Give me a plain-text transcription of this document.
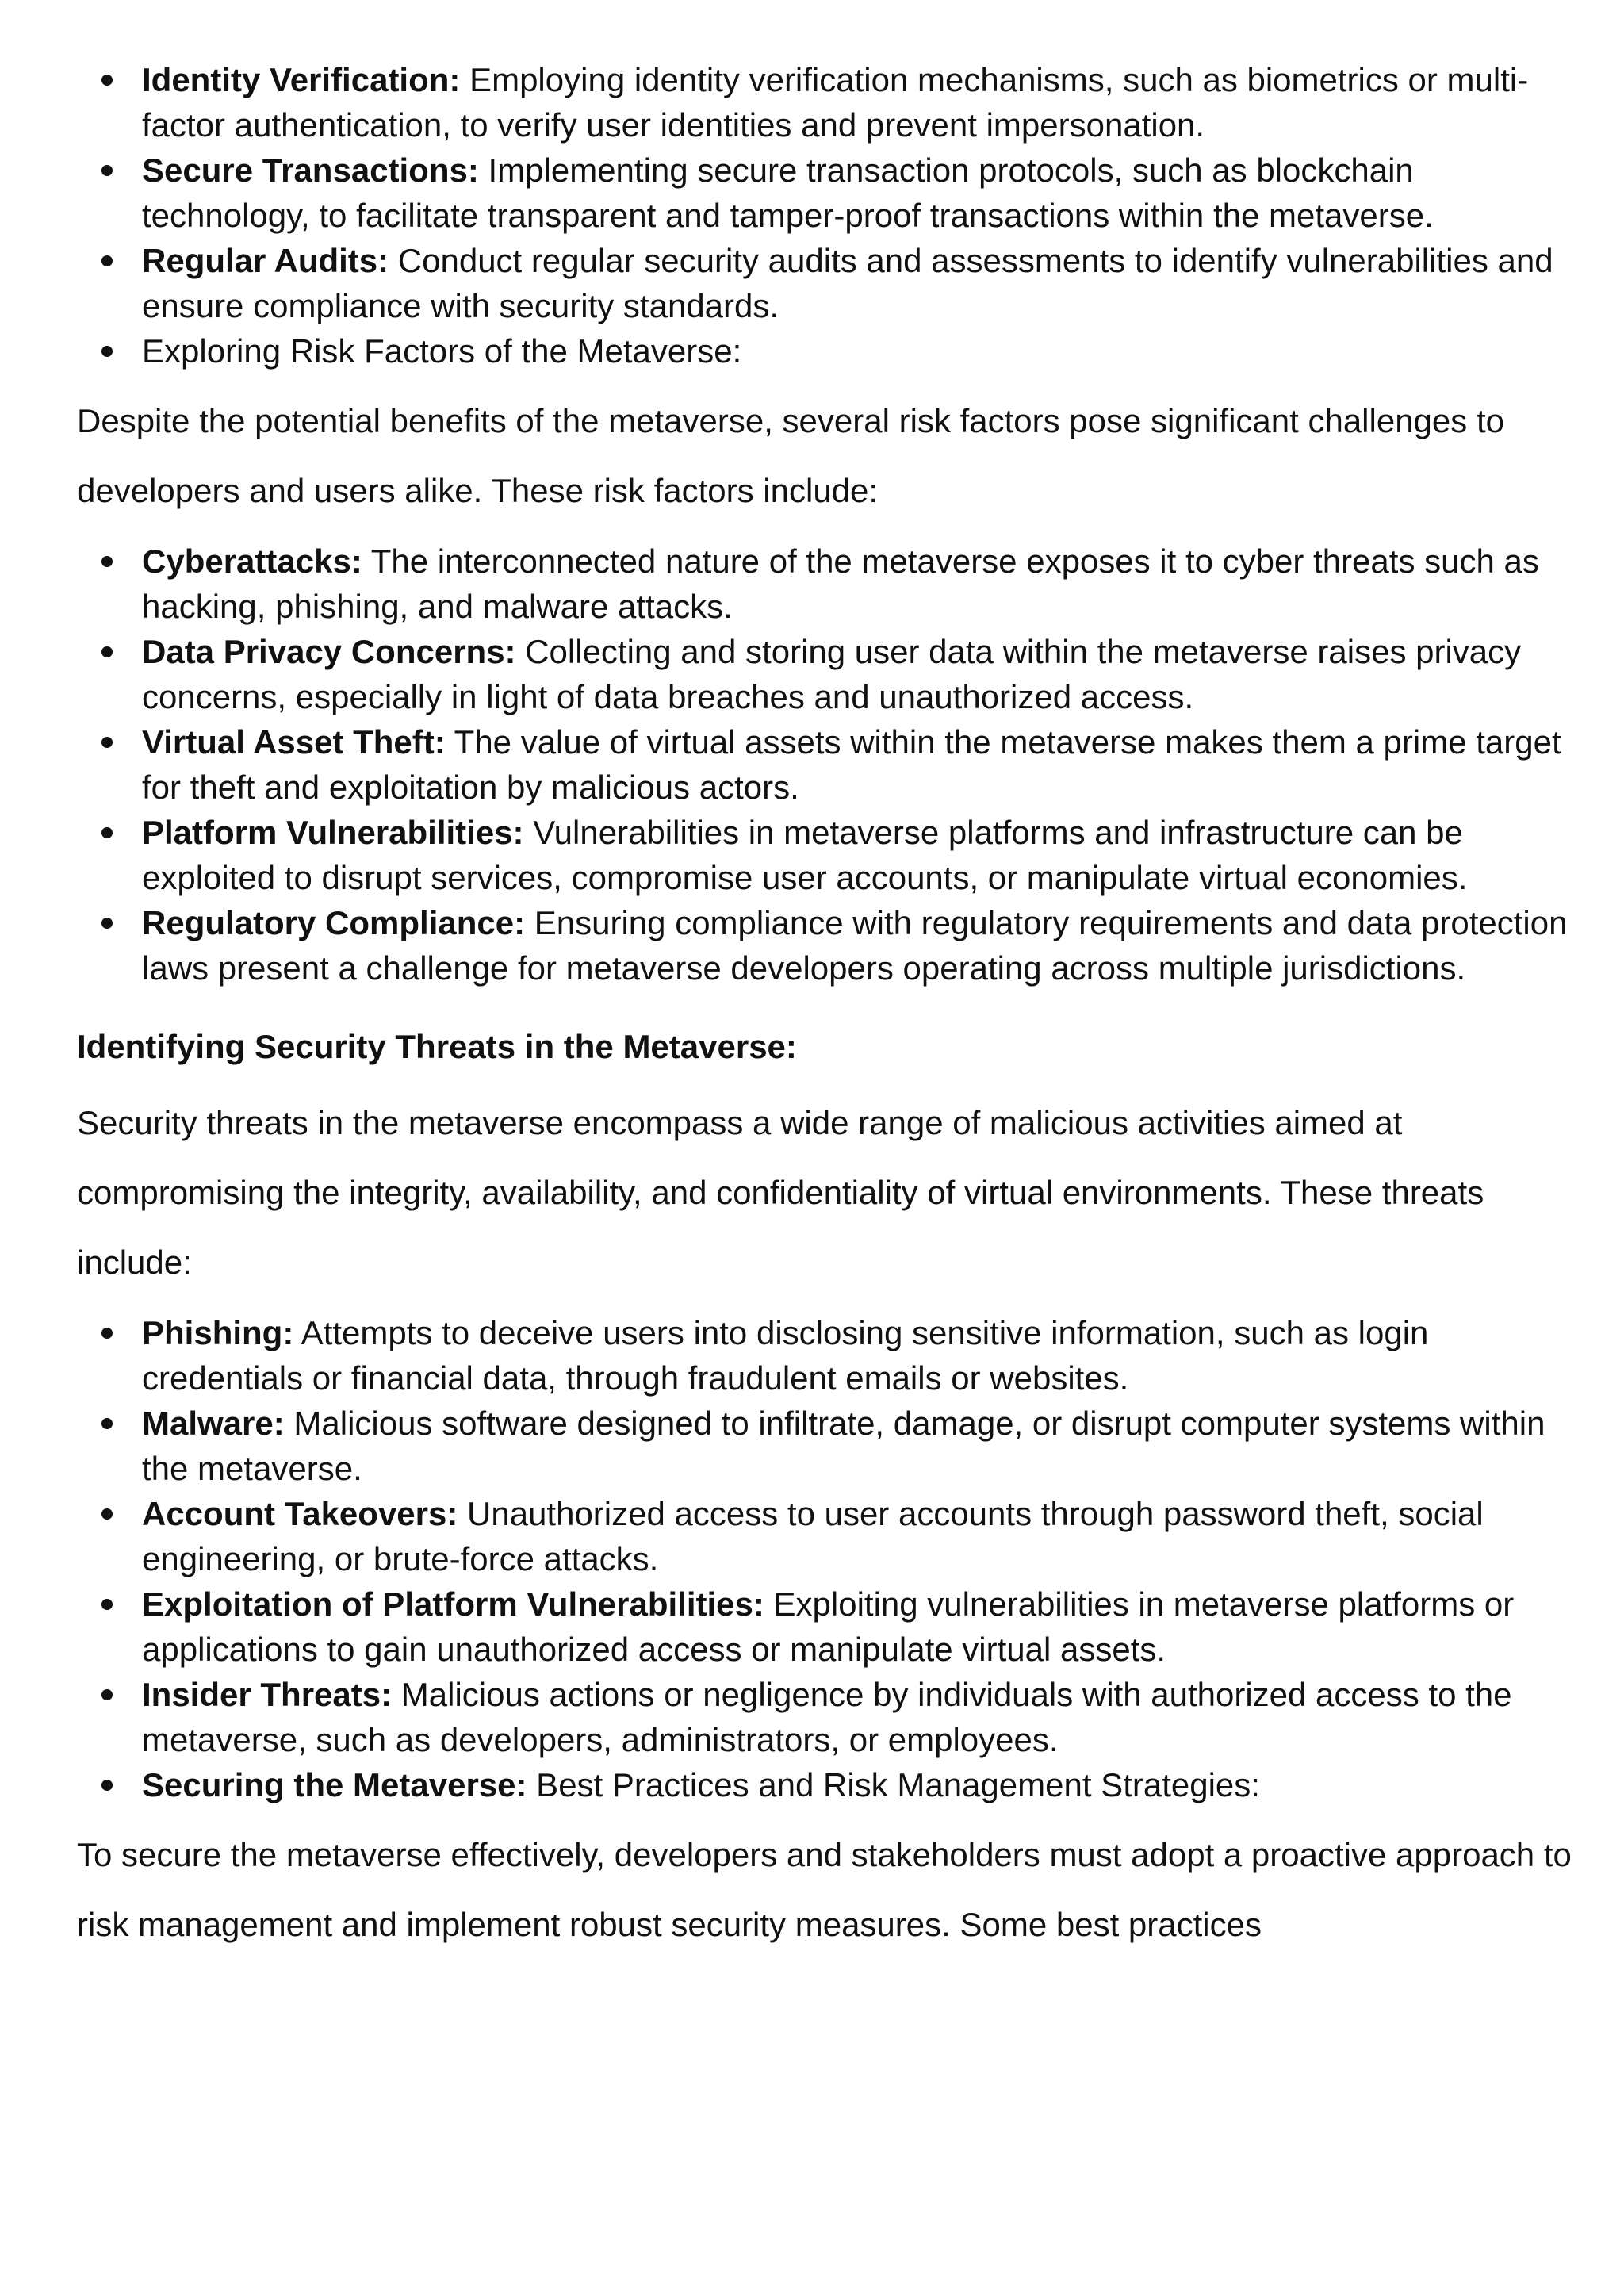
Identity Verification: Employing identity verification mechanisms, such as biometrics or multi-factor authentication, to verify user identities and prevent impersonation.
Secure Transactions: Implementing secure transaction protocols, such as blockchain technology, to facilitate transparent and tamper-proof transactions within the metaverse.
Regular Audits: Conduct regular security audits and assessments to identify vulnerabilities and ensure compliance with security standards.
Exploring Risk Factors of the Metaverse:

Despite the potential benefits of the metaverse, several risk factors pose significant challenges to developers and users alike. These risk factors include:

Cyberattacks: The interconnected nature of the metaverse exposes it to cyber threats such as hacking, phishing, and malware attacks.
Data Privacy Concerns: Collecting and storing user data within the metaverse raises privacy concerns, especially in light of data breaches and unauthorized access.
Virtual Asset Theft: The value of virtual assets within the metaverse makes them a prime target for theft and exploitation by malicious actors.
Platform Vulnerabilities: Vulnerabilities in metaverse platforms and infrastructure can be exploited to disrupt services, compromise user accounts, or manipulate virtual economies.
Regulatory Compliance: Ensuring compliance with regulatory requirements and data protection laws present a challenge for metaverse developers operating across multiple jurisdictions.

Identifying Security Threats in the Metaverse:

Security threats in the metaverse encompass a wide range of malicious activities aimed at compromising the integrity, availability, and confidentiality of virtual environments. These threats include:

Phishing: Attempts to deceive users into disclosing sensitive information, such as login credentials or financial data, through fraudulent emails or websites.
Malware: Malicious software designed to infiltrate, damage, or disrupt computer systems within the metaverse.
Account Takeovers: Unauthorized access to user accounts through password theft, social engineering, or brute-force attacks.
Exploitation of Platform Vulnerabilities: Exploiting vulnerabilities in metaverse platforms or applications to gain unauthorized access or manipulate virtual assets.
Insider Threats: Malicious actions or negligence by individuals with authorized access to the metaverse, such as developers, administrators, or employees.
Securing the Metaverse: Best Practices and Risk Management Strategies:

To secure the metaverse effectively, developers and stakeholders must adopt a proactive approach to risk management and implement robust security measures. Some best practices
